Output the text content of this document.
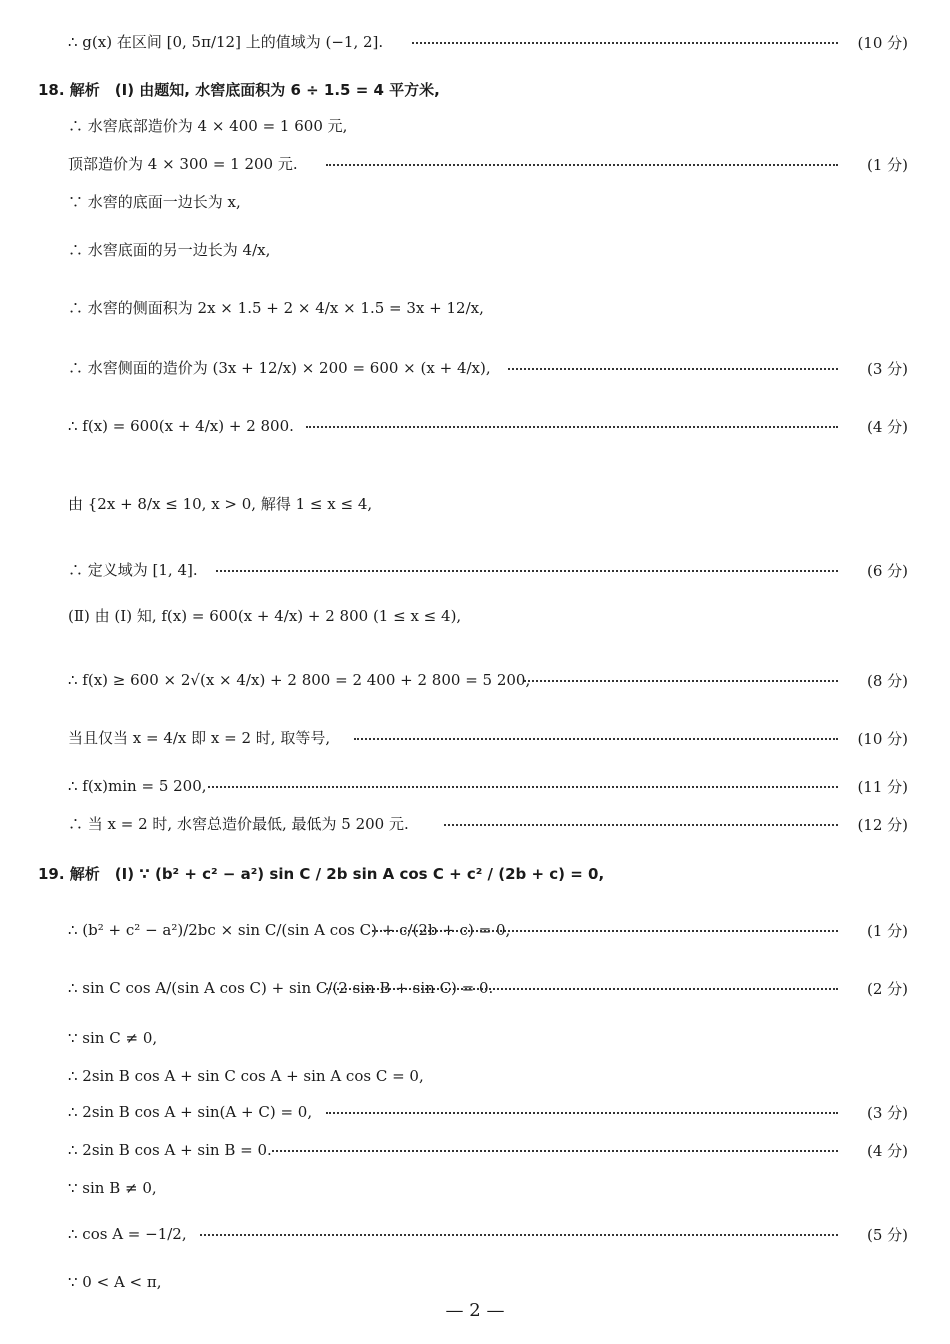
∴ g(x) 在区间 [0, 5π/12] 上的值域为 (−1, 2].	(10 分)
18. 解析　(Ⅰ) 由题知, 水窖底面积为 6 ÷ 1.5 = 4 平方米,
∴ 水窖底部造价为 4 × 400 = 1 600 元,
顶部造价为 4 × 300 = 1 200 元.	(1 分)
∵ 水窖的底面一边长为 x,
∴ 水窖底面的另一边长为 4/x,
∴ 水窖的侧面积为 2x × 1.5 + 2 × 4/x × 1.5 = 3x + 12/x,
∴ 水窖侧面的造价为 (3x + 12/x) × 200 = 600 × (x + 4/x),	(3 分)
∴ f(x) = 600(x + 4/x) + 2 800.	(4 分)
由 {2x + 8/x ≤ 10, x > 0, 解得 1 ≤ x ≤ 4,
∴ 定义域为 [1, 4].	(6 分)
(Ⅱ) 由 (Ⅰ) 知, f(x) = 600(x + 4/x) + 2 800 (1 ≤ x ≤ 4),
∴ f(x) ≥ 600 × 2√(x × 4/x) + 2 800 = 2 400 + 2 800 = 5 200,	(8 分)
当且仅当 x = 4/x 即 x = 2 时, 取等号,	(10 分)
∴ f(x)min = 5 200,	(11 分)
∴ 当 x = 2 时, 水窖总造价最低, 最低为 5 200 元.	(12 分)
19. 解析　(Ⅰ) ∵ (b² + c² − a²) sin C / 2b sin A cos C + c² / (2b + c) = 0,
∴ (b² + c² − a²)/2bc × sin C/(sin A cos C) + c/(2b + c) = 0,	(1 分)
∴ sin C cos A/(sin A cos C) + sin C/(2 sin B + sin C) = 0.	(2 分)
∵ sin C ≠ 0,
∴ 2sin B cos A + sin C cos A + sin A cos C = 0,
∴ 2sin B cos A + sin(A + C) = 0,	(3 分)
∴ 2sin B cos A + sin B = 0.	(4 分)
∵ sin B ≠ 0,
∴ cos A = −1/2,	(5 分)
∵ 0 < A < π,
— 2 —
